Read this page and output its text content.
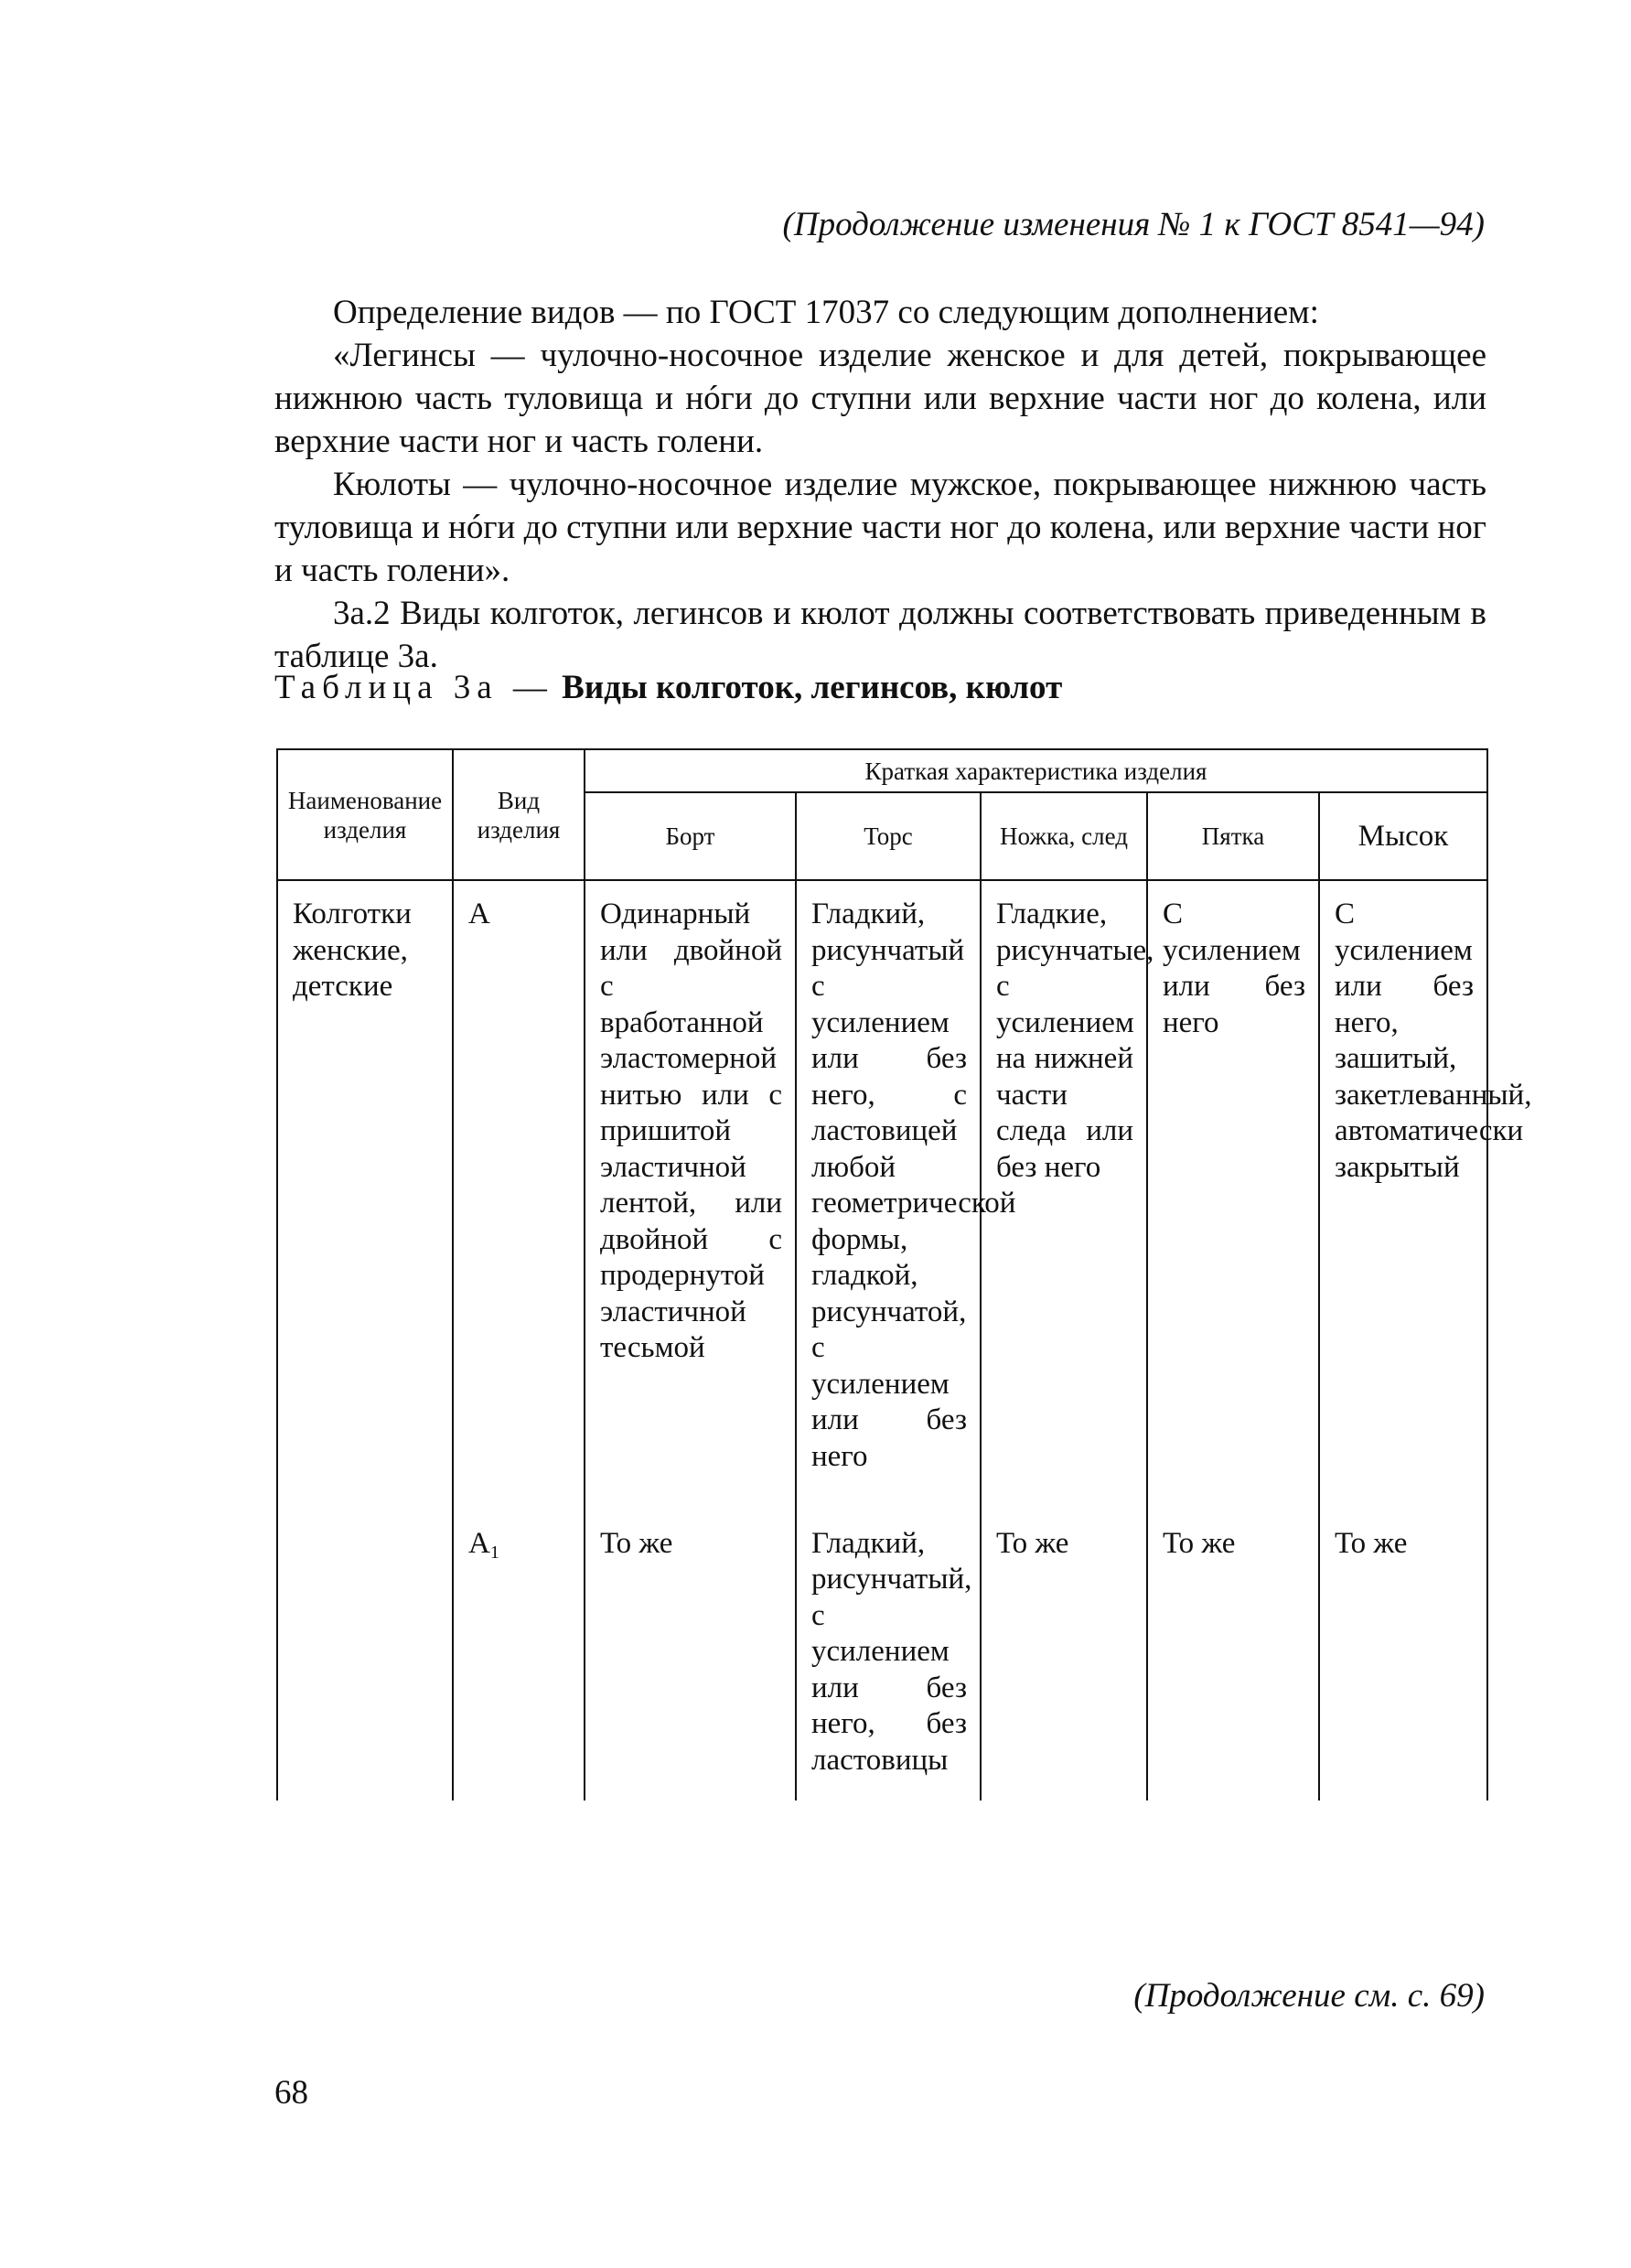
(Продолжение изменения № 1 к ГОСТ 8541—94)

Определение видов — по ГОСТ 17037 со следующим дополнением:

«Легинсы — чулочно-носочное изделие женское и для детей, покрывающее нижнюю часть туловища и нóги до ступни или верхние части ног до колена, или верхние части ног и часть голени.

Кюлоты — чулочно-носочное изделие мужское, покрывающее нижнюю часть туловища и нóги до ступни или верхние части ног до колена, или верхние части ног и часть голени».

3а.2 Виды колготок, легинсов и кюлот должны соответствовать приведенным в таблице 3а.

Таблица 3а — Виды колготок, легинсов, кюлот
Наименование изделия	Вид изделия	Краткая характеристика изделия				
		Борт	Торс	Ножка, след	Пятка	Мысок

Колготки женские, детские	А	Одинарный или двойной с вработанной эластомерной нитью или с пришитой эластичной лентой, или двойной с продернутой эластичной тесьмой	Гладкий, рисунчатый с усилением или без него, с ластовицей любой геометрической формы, гладкой, рисунчатой, с усилением или без него	Гладкие, рисунчатые, с усилением на нижней части следа или без него	С усилением или без него	С усилением или без него, зашитый, закетлеванный, автоматически закрытый

	$А_1$	То же	Гладкий, рисунчатый, с усилением или без него, без ластовицы	То же	То же	То же

(Продолжение см. с. 69)
68
